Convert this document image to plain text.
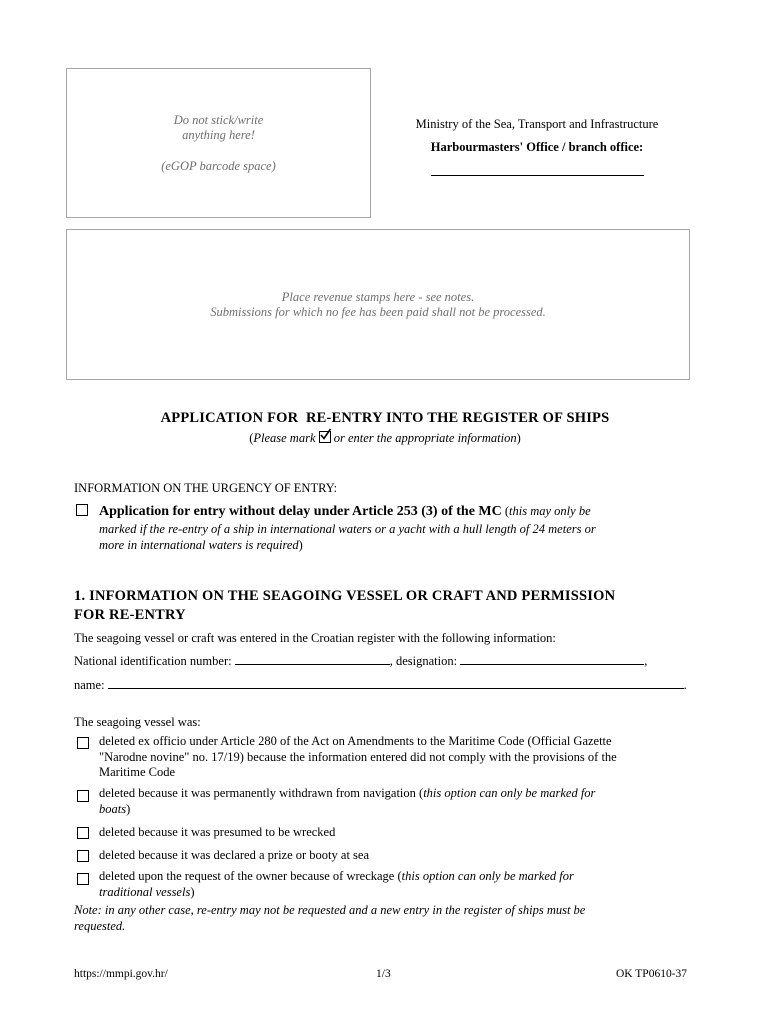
Do not stick/write
anything here!
(eGOP barcode space)
Ministry of the Sea, Transport and Infrastructure
Harbourmasters' Office / branch office:
Place revenue stamps here - see notes.
Submissions for which no fee has been paid shall not be processed.
APPLICATION FOR  RE-ENTRY INTO THE REGISTER OF SHIPS
(Please mark or enter the appropriate information)
INFORMATION ON THE URGENCY OF ENTRY:
Application for entry without delay under Article 253 (3) of the MC (this may only be
marked if the re-entry of a ship in international waters or a yacht with a hull length of 24 meters or
more in international waters is required)
1. INFORMATION ON THE SEAGOING VESSEL OR CRAFT AND PERMISSION
FOR RE-ENTRY
The seagoing vessel or craft was entered in the Croatian register with the following information:
National identification number:	, designation:	,
name:	.
The seagoing vessel was:
deleted ex officio under Article 280 of the Act on Amendments to the Maritime Code (Official Gazette
"Narodne novine" no. 17/19) because the information entered did not comply with the provisions of the
Maritime Code
deleted because it was permanently withdrawn from navigation (this option can only be marked for
boats)
deleted because it was presumed to be wrecked
deleted because it was declared a prize or booty at sea
deleted upon the request of the owner because of wreckage (this option can only be marked for
traditional vessels)
Note: in any other case, re-entry may not be requested and a new entry in the register of ships must be
requested.
https://mmpi.gov.hr/	1/3	OK TP0610-37
